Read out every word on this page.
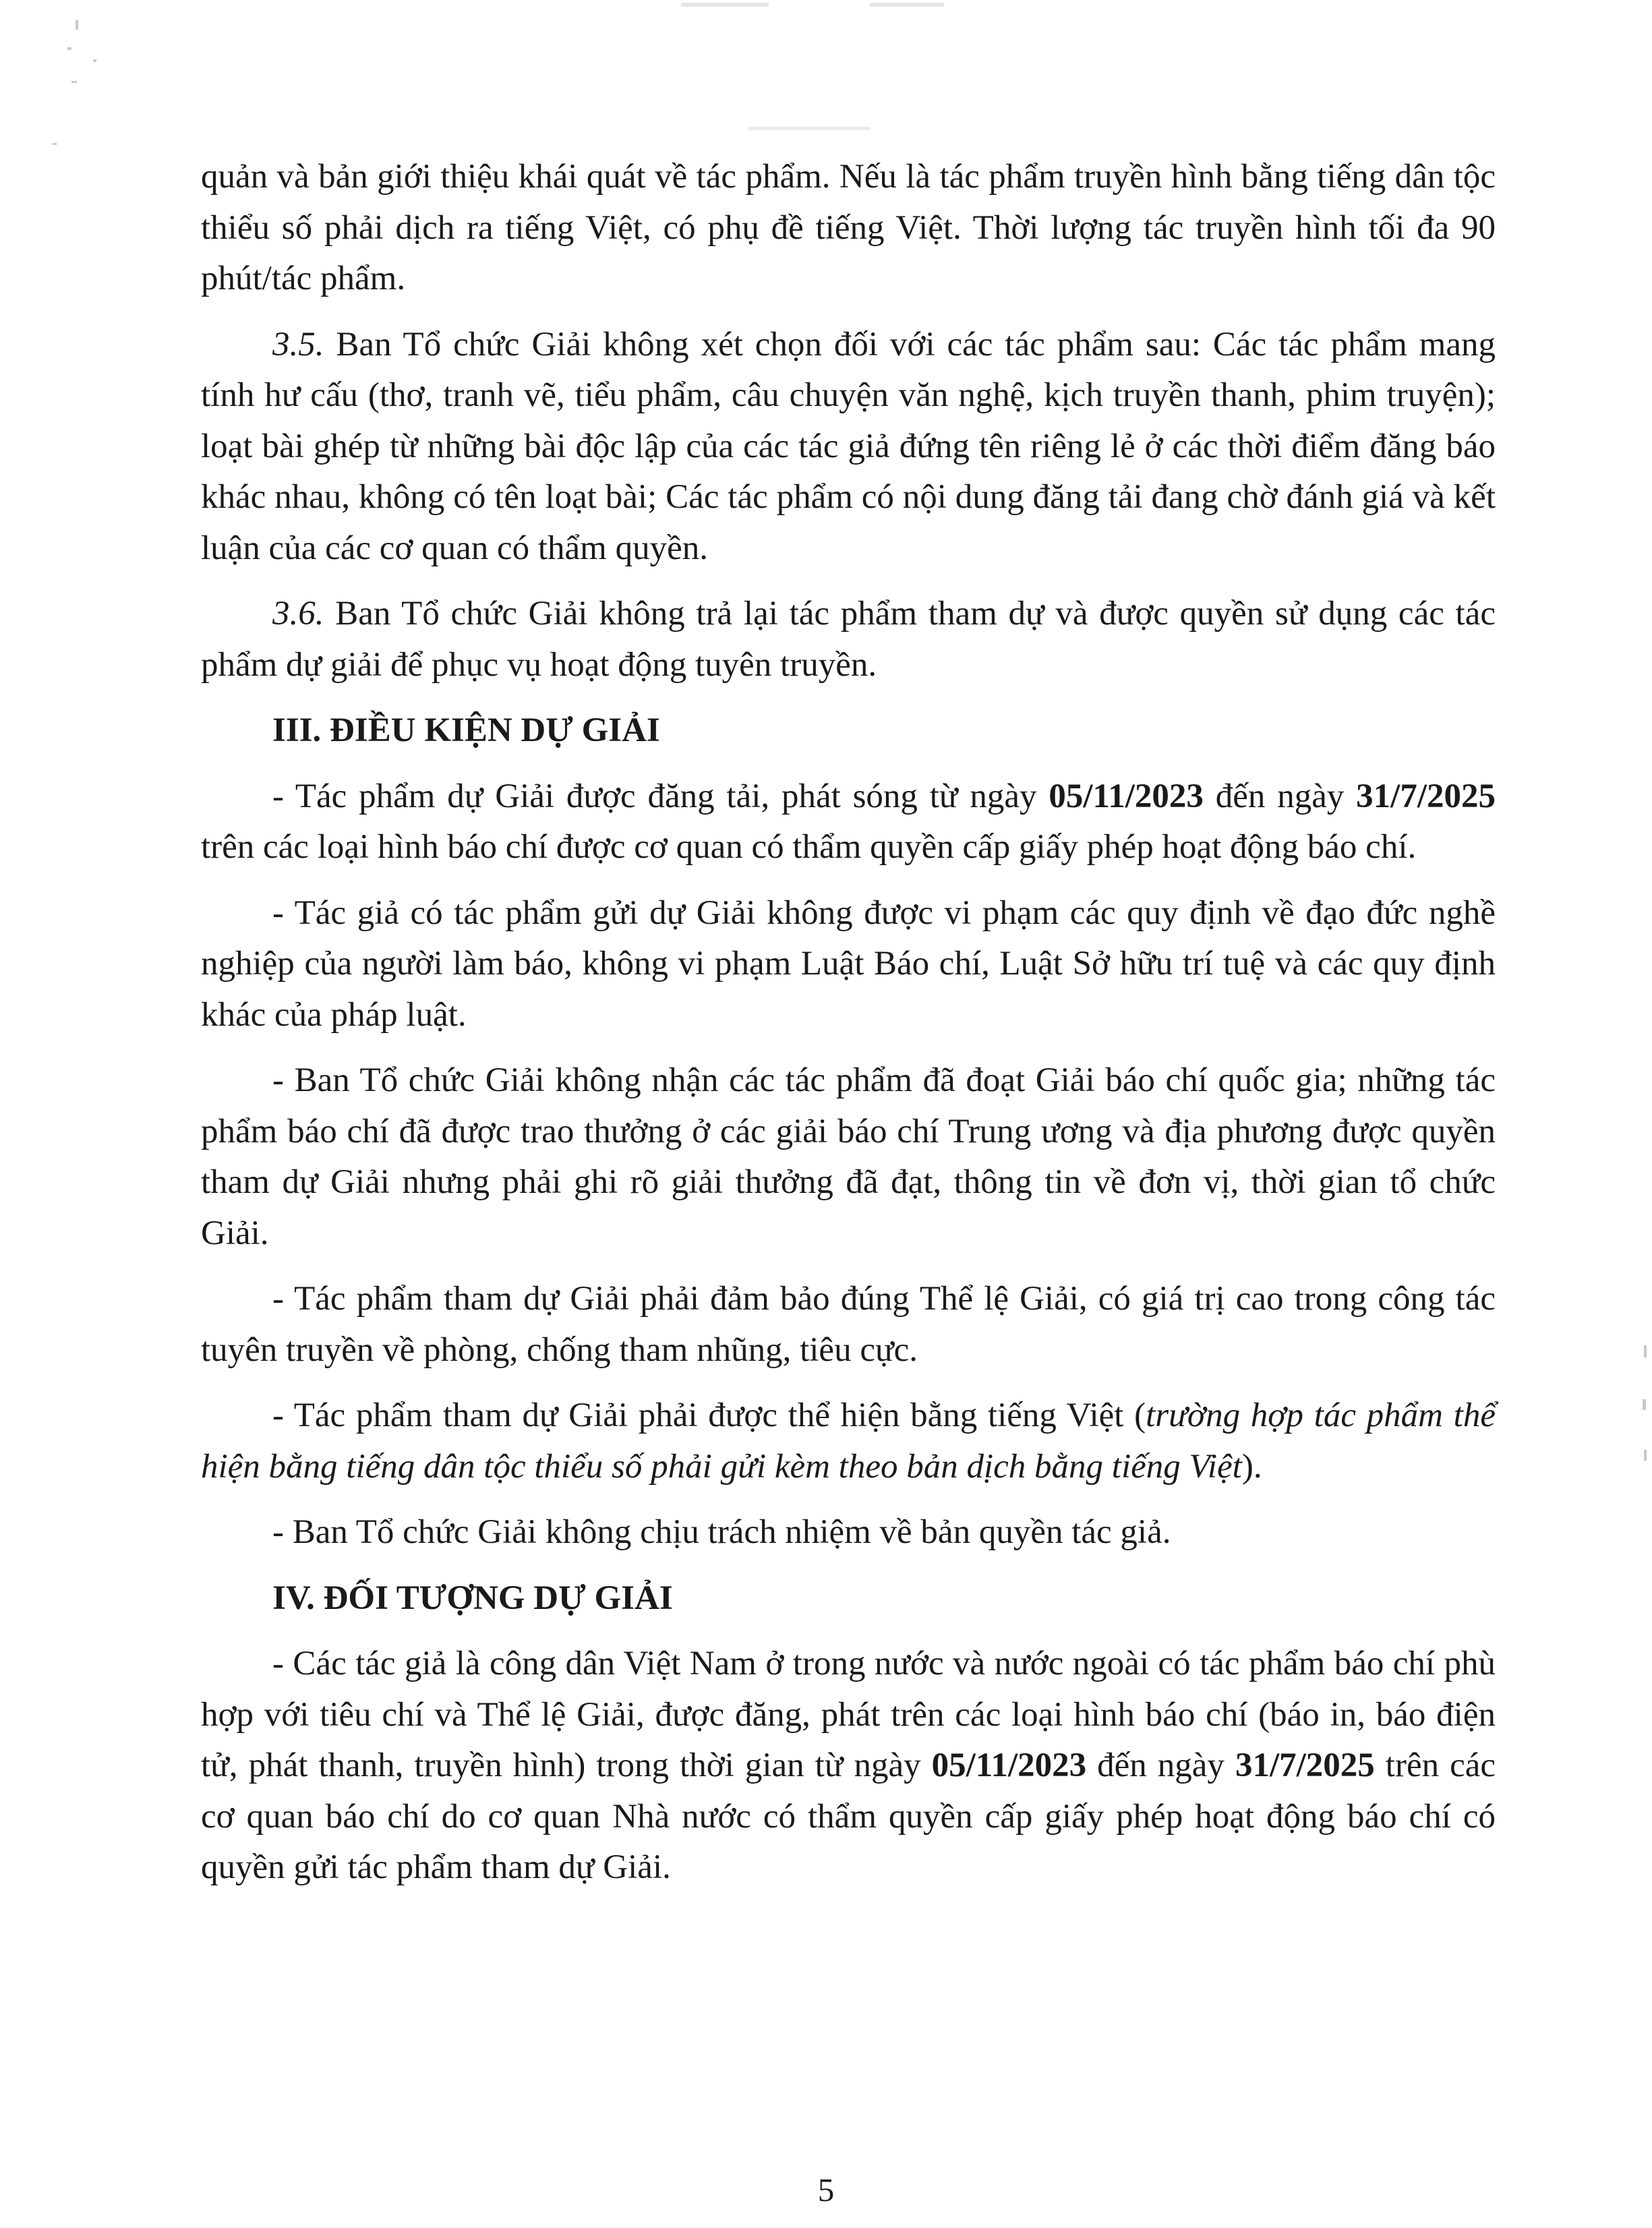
quản và bản giới thiệu khái quát về tác phẩm. Nếu là tác phẩm truyền hình bằng tiếng dân tộc thiểu số phải dịch ra tiếng Việt, có phụ đề tiếng Việt. Thời lượng tác truyền hình tối đa 90 phút/tác phẩm.

3.5. Ban Tổ chức Giải không xét chọn đối với các tác phẩm sau: Các tác phẩm mang tính hư cấu (thơ, tranh vẽ, tiểu phẩm, câu chuyện văn nghệ, kịch truyền thanh, phim truyện); loạt bài ghép từ những bài độc lập của các tác giả đứng tên riêng lẻ ở các thời điểm đăng báo khác nhau, không có tên loạt bài; Các tác phẩm có nội dung đăng tải đang chờ đánh giá và kết luận của các cơ quan có thẩm quyền.

3.6. Ban Tổ chức Giải không trả lại tác phẩm tham dự và được quyền sử dụng các tác phẩm dự giải để phục vụ hoạt động tuyên truyền.

III. ĐIỀU KIỆN DỰ GIẢI

- Tác phẩm dự Giải được đăng tải, phát sóng từ ngày 05/11/2023 đến ngày 31/7/2025 trên các loại hình báo chí được cơ quan có thẩm quyền cấp giấy phép hoạt động báo chí.

- Tác giả có tác phẩm gửi dự Giải không được vi phạm các quy định về đạo đức nghề nghiệp của người làm báo, không vi phạm Luật Báo chí, Luật Sở hữu trí tuệ và các quy định khác của pháp luật.

- Ban Tổ chức Giải không nhận các tác phẩm đã đoạt Giải báo chí quốc gia; những tác phẩm báo chí đã được trao thưởng ở các giải báo chí Trung ương và địa phương được quyền tham dự Giải nhưng phải ghi rõ giải thưởng đã đạt, thông tin về đơn vị, thời gian tổ chức Giải.

- Tác phẩm tham dự Giải phải đảm bảo đúng Thể lệ Giải, có giá trị cao trong công tác tuyên truyền về phòng, chống tham nhũng, tiêu cực.

- Tác phẩm tham dự Giải phải được thể hiện bằng tiếng Việt (trường hợp tác phẩm thể hiện bằng tiếng dân tộc thiểu số phải gửi kèm theo bản dịch bằng tiếng Việt).

- Ban Tổ chức Giải không chịu trách nhiệm về bản quyền tác giả.

IV. ĐỐI TƯỢNG DỰ GIẢI

- Các tác giả là công dân Việt Nam ở trong nước và nước ngoài có tác phẩm báo chí phù hợp với tiêu chí và Thể lệ Giải, được đăng, phát trên các loại hình báo chí (báo in, báo điện tử, phát thanh, truyền hình) trong thời gian từ ngày 05/11/2023 đến ngày 31/7/2025 trên các cơ quan báo chí do cơ quan Nhà nước có thẩm quyền cấp giấy phép hoạt động báo chí có quyền gửi tác phẩm tham dự Giải.

5
